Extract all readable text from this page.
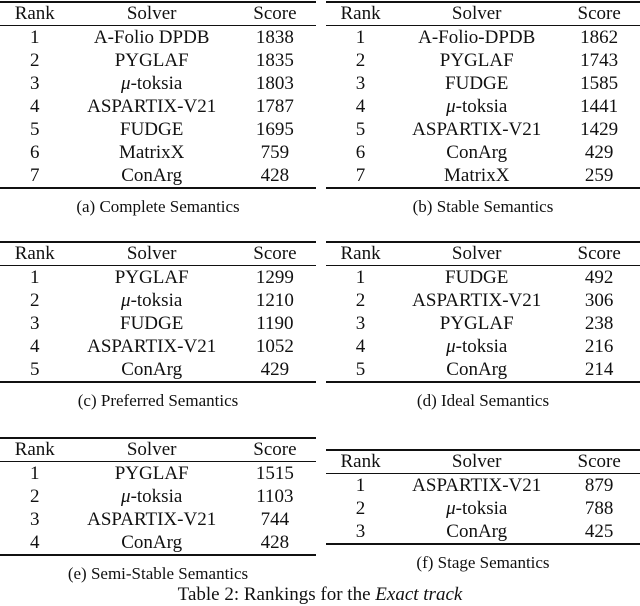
Rank	Solver	Score
1	A-Folio DPDB	1838
2	PYGLAF	1835
3	μ-toksia	1803
4	ASPARTIX-V21	1787
5	FUDGE	1695
6	MatrixX	759
7	ConArg	428
(a) Complete Semantics
Rank	Solver	Score
1	A-Folio-DPDB	1862
2	PYGLAF	1743
3	FUDGE	1585
4	μ-toksia	1441
5	ASPARTIX-V21	1429
6	ConArg	429
7	MatrixX	259
(b) Stable Semantics
Rank	Solver	Score
1	PYGLAF	1299
2	μ-toksia	1210
3	FUDGE	1190
4	ASPARTIX-V21	1052
5	ConArg	429
(c) Preferred Semantics
Rank	Solver	Score
1	FUDGE	492
2	ASPARTIX-V21	306
3	PYGLAF	238
4	μ-toksia	216
5	ConArg	214
(d) Ideal Semantics
Rank	Solver	Score
1	PYGLAF	1515
2	μ-toksia	1103
3	ASPARTIX-V21	744
4	ConArg	428
(e) Semi-Stable Semantics
Rank	Solver	Score
1	ASPARTIX-V21	879
2	μ-toksia	788
3	ConArg	425
(f) Stage Semantics
Table 2: Rankings for the Exact track
